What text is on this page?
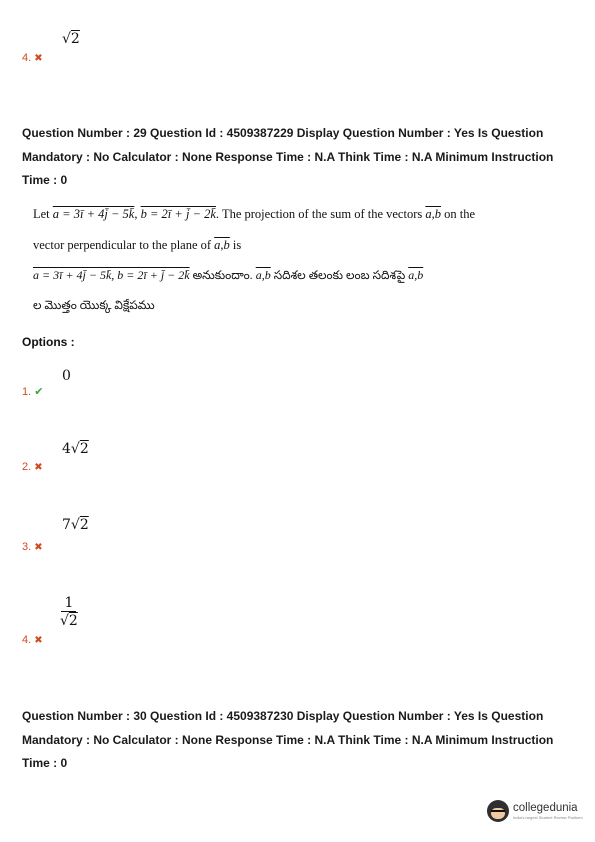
4. ✖
√2
Question Number : 29 Question Id : 4509387229 Display Question Number : Yes Is Question
Mandatory : No Calculator : None Response Time : N.A Think Time : N.A Minimum Instruction
Time : 0
Let a = 3ī + 4j̄ − 5k̄, b = 2ī + j̄ − 2k̄. The projection of the sum of the vectors a,b on the
vector perpendicular to the plane of a,b is
a = 3ī + 4j̄ − 5k̄, b = 2ī + j̄ − 2k̄ అనుకుందాం. a,b సదిశల తలంకు లంబ సదిశపై a,b
ల మొత్తం యొక్క విక్షేపము
Options :
0
1. ✔
4√2
2. ✖
7√2
3. ✖
$\frac{1}{√2}$
4. ✖
Question Number : 30 Question Id : 4509387230 Display Question Number : Yes Is Question
Mandatory : No Calculator : None Response Time : N.A Think Time : N.A Minimum Instruction
Time : 0
collegedunia
India's largest Student Review Platform
